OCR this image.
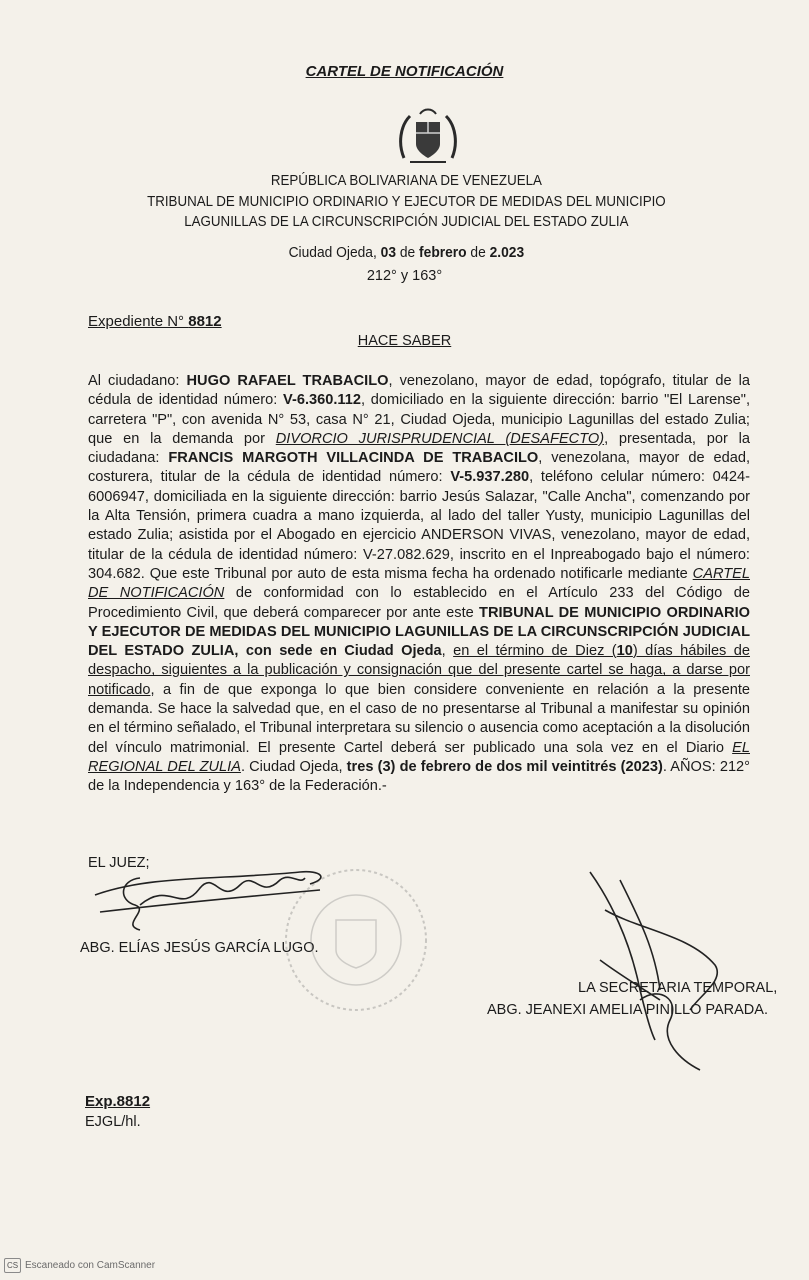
CARTEL DE NOTIFICACIÓN
REPÚBLICA BOLIVARIANA DE VENEZUELA
TRIBUNAL DE MUNICIPIO ORDINARIO Y EJECUTOR DE MEDIDAS DEL MUNICIPIO
LAGUNILLAS DE LA CIRCUNSCRIPCIÓN JUDICIAL DEL ESTADO ZULIA
Ciudad Ojeda, 03 de febrero de 2.023
212° y 163°
Expediente N° 8812
HACE SABER
Al ciudadano: HUGO RAFAEL TRABACILO, venezolano, mayor de edad, topógrafo, titular de la cédula de identidad número: V-6.360.112, domiciliado en la siguiente dirección: barrio "El Larense", carretera "P", con avenida N° 53, casa N° 21, Ciudad Ojeda, municipio Lagunillas del estado Zulia; que en la demanda por DIVORCIO JURISPRUDENCIAL (DESAFECTO), presentada, por la ciudadana: FRANCIS MARGOTH VILLACINDA DE TRABACILO, venezolana, mayor de edad, costurera, titular de la cédula de identidad número: V-5.937.280, teléfono celular número: 0424-6006947, domiciliada en la siguiente dirección: barrio Jesús Salazar, "Calle Ancha", comenzando por la Alta Tensión, primera cuadra a mano izquierda, al lado del taller Yusty, municipio Lagunillas del estado Zulia; asistida por el Abogado en ejercicio ANDERSON VIVAS, venezolano, mayor de edad, titular de la cédula de identidad número: V-27.082.629, inscrito en el Inpreabogado bajo el número: 304.682. Que este Tribunal por auto de esta misma fecha ha ordenado notificarle mediante CARTEL DE NOTIFICACIÓN de conformidad con lo establecido en el Artículo 233 del Código de Procedimiento Civil, que deberá comparecer por ante este TRIBUNAL DE MUNICIPIO ORDINARIO Y EJECUTOR DE MEDIDAS DEL MUNICIPIO LAGUNILLAS DE LA CIRCUNSCRIPCIÓN JUDICIAL DEL ESTADO ZULIA, con sede en Ciudad Ojeda, en el término de Diez (10) días hábiles de despacho, siguientes a la publicación y consignación que del presente cartel se haga, a darse por notificado, a fin de que exponga lo que bien considere conveniente en relación a la presente demanda. Se hace la salvedad que, en el caso de no presentarse al Tribunal a manifestar su opinión en el término señalado, el Tribunal interpretara su silencio o ausencia como aceptación a la disolución del vínculo matrimonial. El presente Cartel deberá ser publicado una sola vez en el Diario EL REGIONAL DEL ZULIA. Ciudad Ojeda, tres (3) de febrero de dos mil veintitrés (2023). AÑOS: 212° de la Independencia y 163° de la Federación.-
EL JUEZ;
ABG. ELÍAS JESÚS GARCÍA LUGO.
LA SECRETARIA TEMPORAL,
ABG. JEANEXI AMELIA PINILLO PARADA.
Exp.8812
EJGL/hl.
CS Escaneado con CamScanner
